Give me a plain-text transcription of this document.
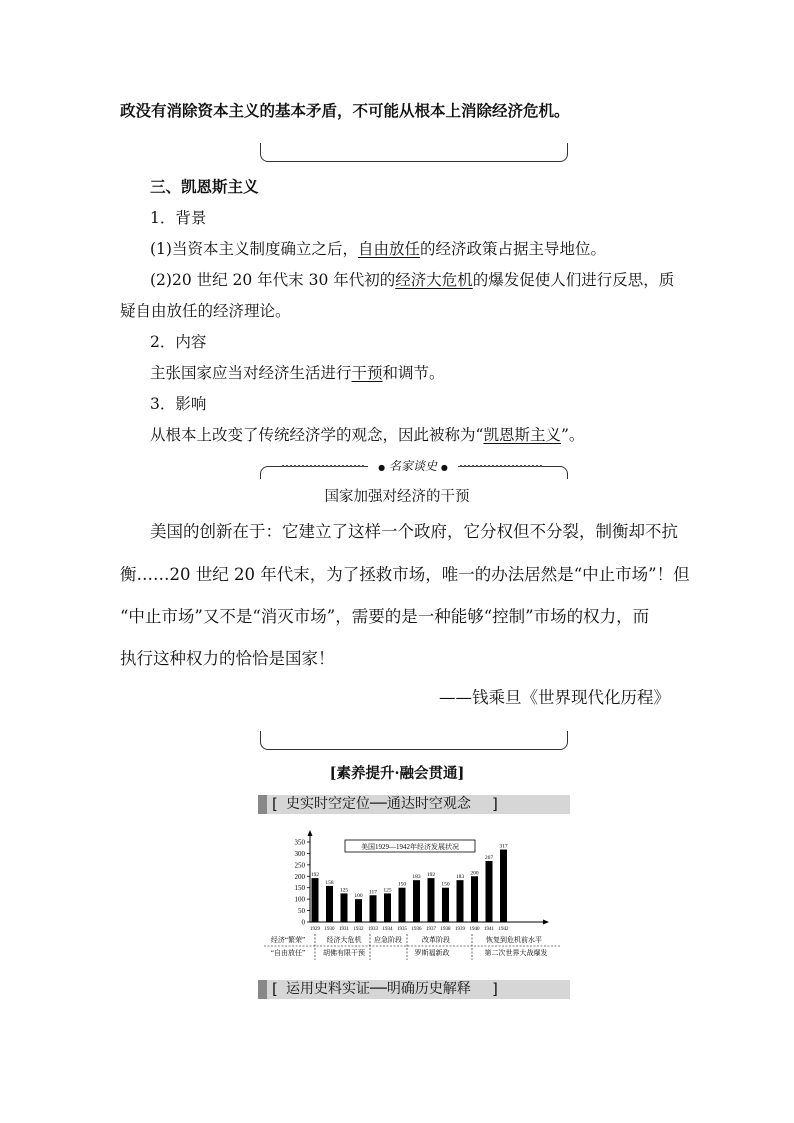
政没有消除资本主义的基本矛盾，不可能从根本上消除经济危机。
三、凯恩斯主义
1．背景
(1)当资本主义制度确立之后，自由放任的经济政策占据主导地位。
(2)20 世纪 20 年代末 30 年代初的经济大危机的爆发促使人们进行反思，质
疑自由放任的经济理论。
2．内容
主张国家应当对经济生活进行干预和调节。
3．影响
从根本上改变了传统经济学的观念，因此被称为“凯恩斯主义”。
● 名家谈史 ●
国家加强对经济的干预
美国的创新在于：它建立了这样一个政府，它分权但不分裂，制衡却不抗
衡……20 世纪 20 年代末，为了拯救市场，唯一的办法居然是“中止市场”！但
“中止市场”又不是“消灭市场”，需要的是一种能够“控制”市场的权力，而
执行这种权力的恰恰是国家！
——钱乘旦《世界现代化历程》
[素养提升·融会贯通]
[ 史实时空定位──通达时空观念 ]
0
50
100
150
200
250
300
350
192
1929
158
1930
125
1931
100
1932
117
1933
125
1934
150
1935
183
1936
192
1937
150
1938
183
1939
200
1940
267
1941
317
1942
美国1929—1942年经济发展状况
经济“繁荣”	经济大危机 应急阶段	改革阶段	恢复到危机前水平
“自由放任”	胡佛有限干预	罗斯福新政	第二次世界大战爆发
[ 运用史料实证──明确历史解释 ]
